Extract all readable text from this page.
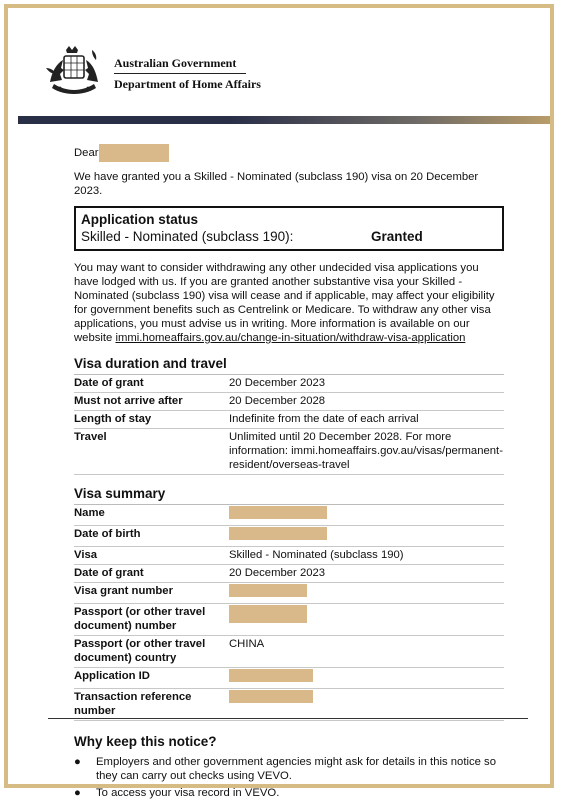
Australian Government
Department of Home Affairs
Dear
We have granted you a Skilled - Nominated (subclass 190) visa on 20 December 2023.
Application status
Skilled - Nominated (subclass 190):	Granted
You may want to consider withdrawing any other undecided visa applications you have lodged with us. If you are granted another substantive visa your Skilled - Nominated (subclass 190) visa will cease and if applicable, may affect your eligibility for government benefits such as Centrelink or Medicare. To withdraw any other visa applications, you must advise us in writing. More information is available on our website immi.homeaffairs.gov.au/change-in-situation/withdraw-visa-application
Visa duration and travel
Date of grant	20 December 2023
Must not arrive after	20 December 2028
Length of stay	Indefinite from the date of each arrival
Travel	Unlimited until 20 December 2028. For more information: immi.homeaffairs.gov.au/visas/permanent-resident/overseas-travel
Visa summary
Name	
Date of birth	
Visa	Skilled - Nominated (subclass 190)
Date of grant	20 December 2023
Visa grant number	
Passport (or other travel document) number	
Passport (or other travel document) country	CHINA
Application ID	
Transaction reference number	
Why keep this notice?
● Employers and other government agencies might ask for details in this notice so they can carry out checks using VEVO.
● To access your visa record in VEVO.
